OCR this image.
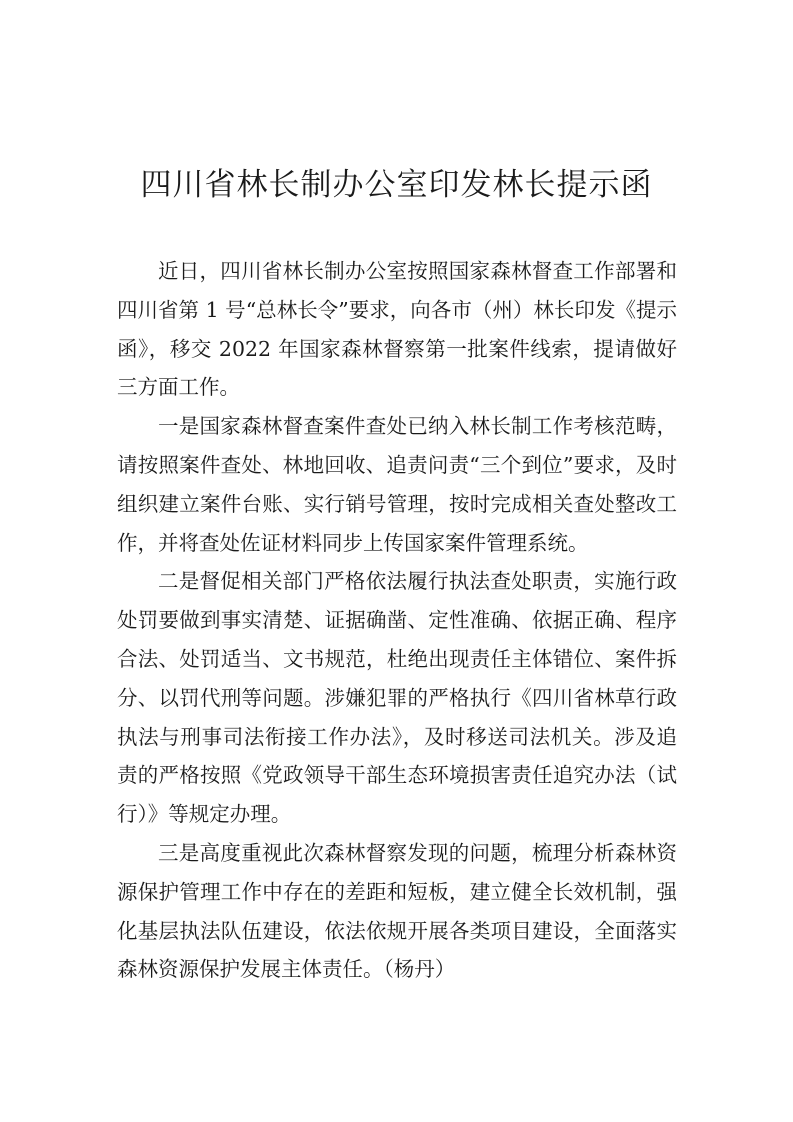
四川省林长制办公室印发林长提示函

近日，四川省林长制办公室按照国家森林督查工作部署和四川省第 1 号“总林长令”要求，向各市（州）林长印发《提示函》，移交 2022 年国家森林督察第一批案件线索，提请做好三方面工作。

一是国家森林督查案件查处已纳入林长制工作考核范畴，请按照案件查处、林地回收、追责问责“三个到位”要求，及时组织建立案件台账、实行销号管理，按时完成相关查处整改工作，并将查处佐证材料同步上传国家案件管理系统。

二是督促相关部门严格依法履行执法查处职责，实施行政处罚要做到事实清楚、证据确凿、定性准确、依据正确、程序合法、处罚适当、文书规范，杜绝出现责任主体错位、案件拆分、以罚代刑等问题。涉嫌犯罪的严格执行《四川省林草行政执法与刑事司法衔接工作办法》，及时移送司法机关。涉及追责的严格按照《党政领导干部生态环境损害责任追究办法（试行）》等规定办理。

三是高度重视此次森林督察发现的问题，梳理分析森林资源保护管理工作中存在的差距和短板，建立健全长效机制，强化基层执法队伍建设，依法依规开展各类项目建设，全面落实森林资源保护发展主体责任。（杨丹）
